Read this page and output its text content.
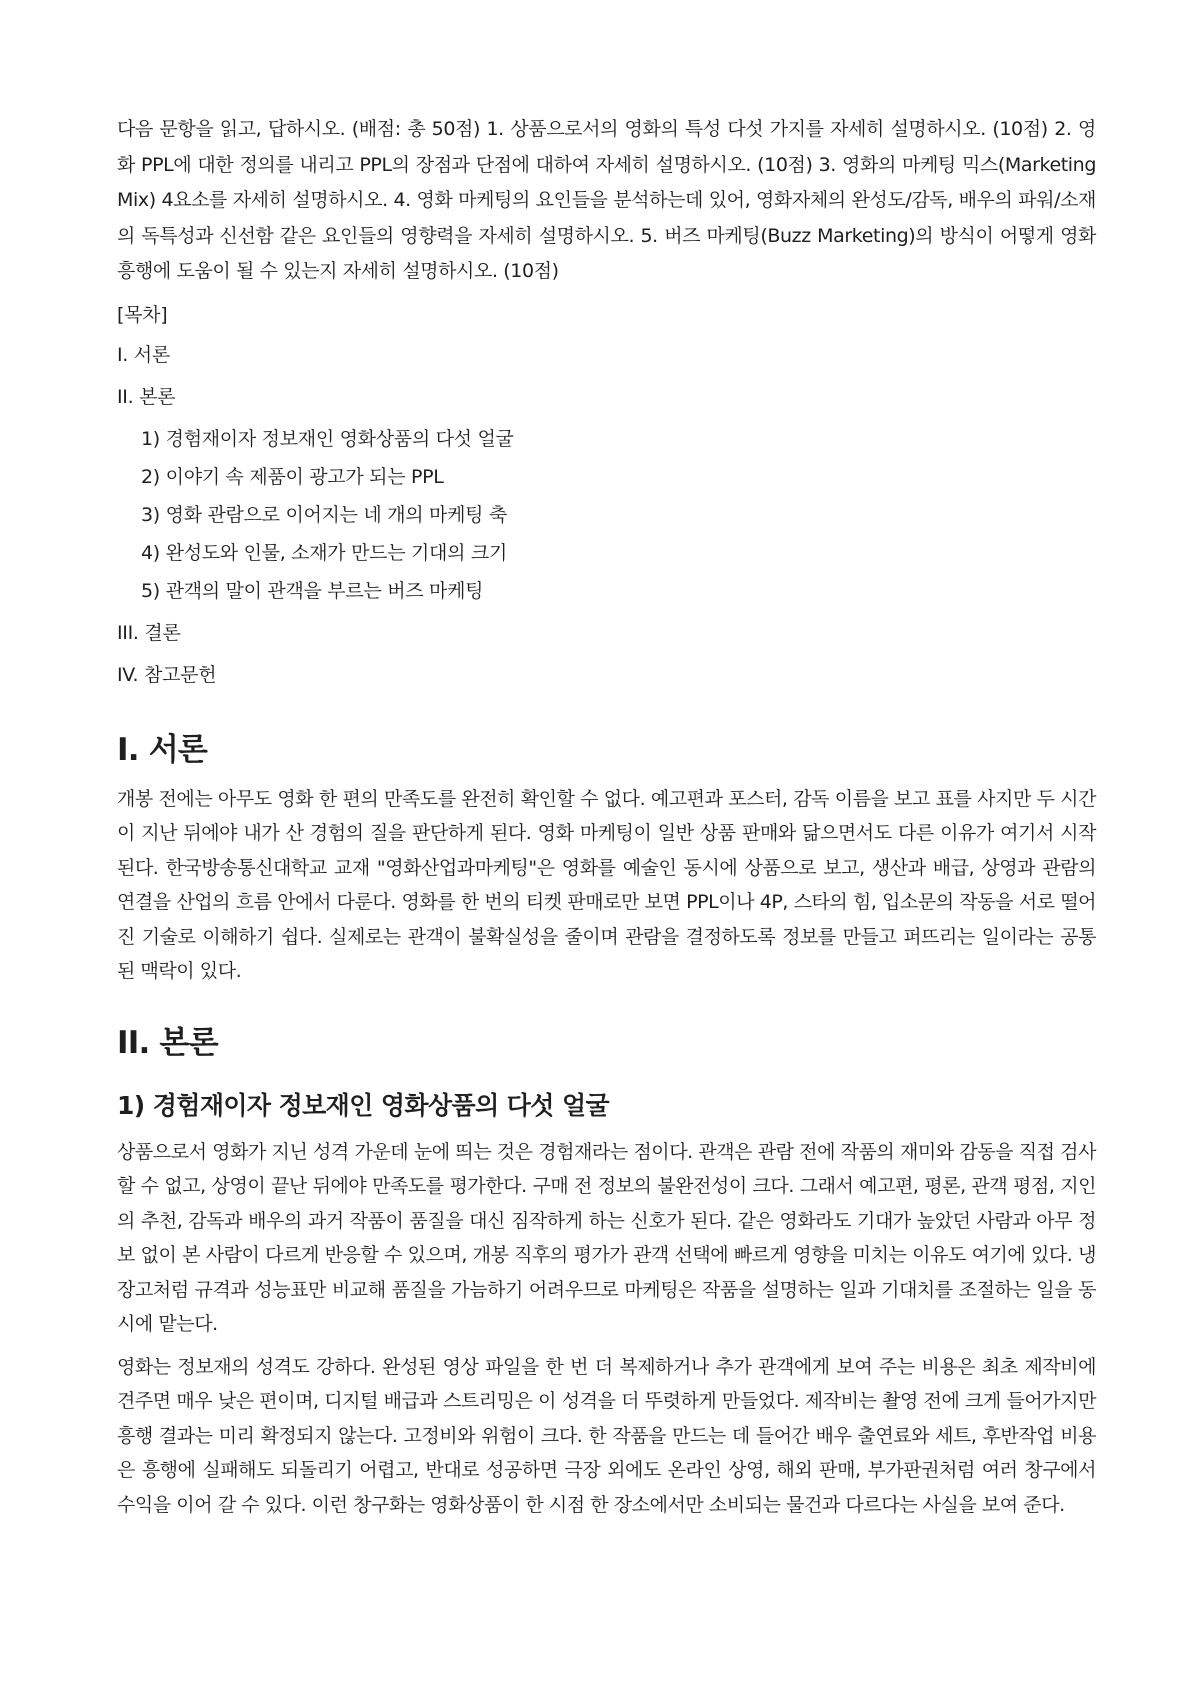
다음 문항을 읽고, 답하시오. (배점: 총 50점) 1. 상품으로서의 영화의 특성 다섯 가지를 자세히 설명하시오. (10점) 2. 영화 PPL에 대한 정의를 내리고 PPL의 장점과 단점에 대하여 자세히 설명하시오. (10점) 3. 영화의 마케팅 믹스(Marketing Mix) 4요소를 자세히 설명하시오. 4. 영화 마케팅의 요인들을 분석하는데 있어, 영화자체의 완성도/감독, 배우의 파워/소재의 독특성과 신선함 같은 요인들의 영향력을 자세히 설명하시오. 5. 버즈 마케팅(Buzz Marketing)의 방식이 어떻게 영화흥행에 도움이 될 수 있는지 자세히 설명하시오. (10점)

[목차]

I. 서론
II. 본론
1) 경험재이자 정보재인 영화상품의 다섯 얼굴
2) 이야기 속 제품이 광고가 되는 PPL
3) 영화 관람으로 이어지는 네 개의 마케팅 축
4) 완성도와 인물, 소재가 만드는 기대의 크기
5) 관객의 말이 관객을 부르는 버즈 마케팅
III. 결론
IV. 참고문헌
I. 서론

개봉 전에는 아무도 영화 한 편의 만족도를 완전히 확인할 수 없다. 예고편과 포스터, 감독 이름을 보고 표를 사지만 두 시간이 지난 뒤에야 내가 산 경험의 질을 판단하게 된다. 영화 마케팅이 일반 상품 판매와 닮으면서도 다른 이유가 여기서 시작된다. 한국방송통신대학교 교재 "영화산업과마케팅"은 영화를 예술인 동시에 상품으로 보고, 생산과 배급, 상영과 관람의 연결을 산업의 흐름 안에서 다룬다. 영화를 한 번의 티켓 판매로만 보면 PPL이나 4P, 스타의 힘, 입소문의 작동을 서로 떨어진 기술로 이해하기 쉽다. 실제로는 관객이 불확실성을 줄이며 관람을 결정하도록 정보를 만들고 퍼뜨리는 일이라는 공통된 맥락이 있다.

II. 본론
1) 경험재이자 정보재인 영화상품의 다섯 얼굴

상품으로서 영화가 지닌 성격 가운데 눈에 띄는 것은 경험재라는 점이다. 관객은 관람 전에 작품의 재미와 감동을 직접 검사할 수 없고, 상영이 끝난 뒤에야 만족도를 평가한다. 구매 전 정보의 불완전성이 크다. 그래서 예고편, 평론, 관객 평점, 지인의 추천, 감독과 배우의 과거 작품이 품질을 대신 짐작하게 하는 신호가 된다. 같은 영화라도 기대가 높았던 사람과 아무 정보 없이 본 사람이 다르게 반응할 수 있으며, 개봉 직후의 평가가 관객 선택에 빠르게 영향을 미치는 이유도 여기에 있다. 냉장고처럼 규격과 성능표만 비교해 품질을 가늠하기 어려우므로 마케팅은 작품을 설명하는 일과 기대치를 조절하는 일을 동시에 맡는다.

영화는 정보재의 성격도 강하다. 완성된 영상 파일을 한 번 더 복제하거나 추가 관객에게 보여 주는 비용은 최초 제작비에 견주면 매우 낮은 편이며, 디지털 배급과 스트리밍은 이 성격을 더 뚜렷하게 만들었다. 제작비는 촬영 전에 크게 들어가지만 흥행 결과는 미리 확정되지 않는다. 고정비와 위험이 크다. 한 작품을 만드는 데 들어간 배우 출연료와 세트, 후반작업 비용은 흥행에 실패해도 되돌리기 어렵고, 반대로 성공하면 극장 외에도 온라인 상영, 해외 판매, 부가판권처럼 여러 창구에서 수익을 이어 갈 수 있다. 이런 창구화는 영화상품이 한 시점 한 장소에서만 소비되는 물건과 다르다는 사실을 보여 준다.
